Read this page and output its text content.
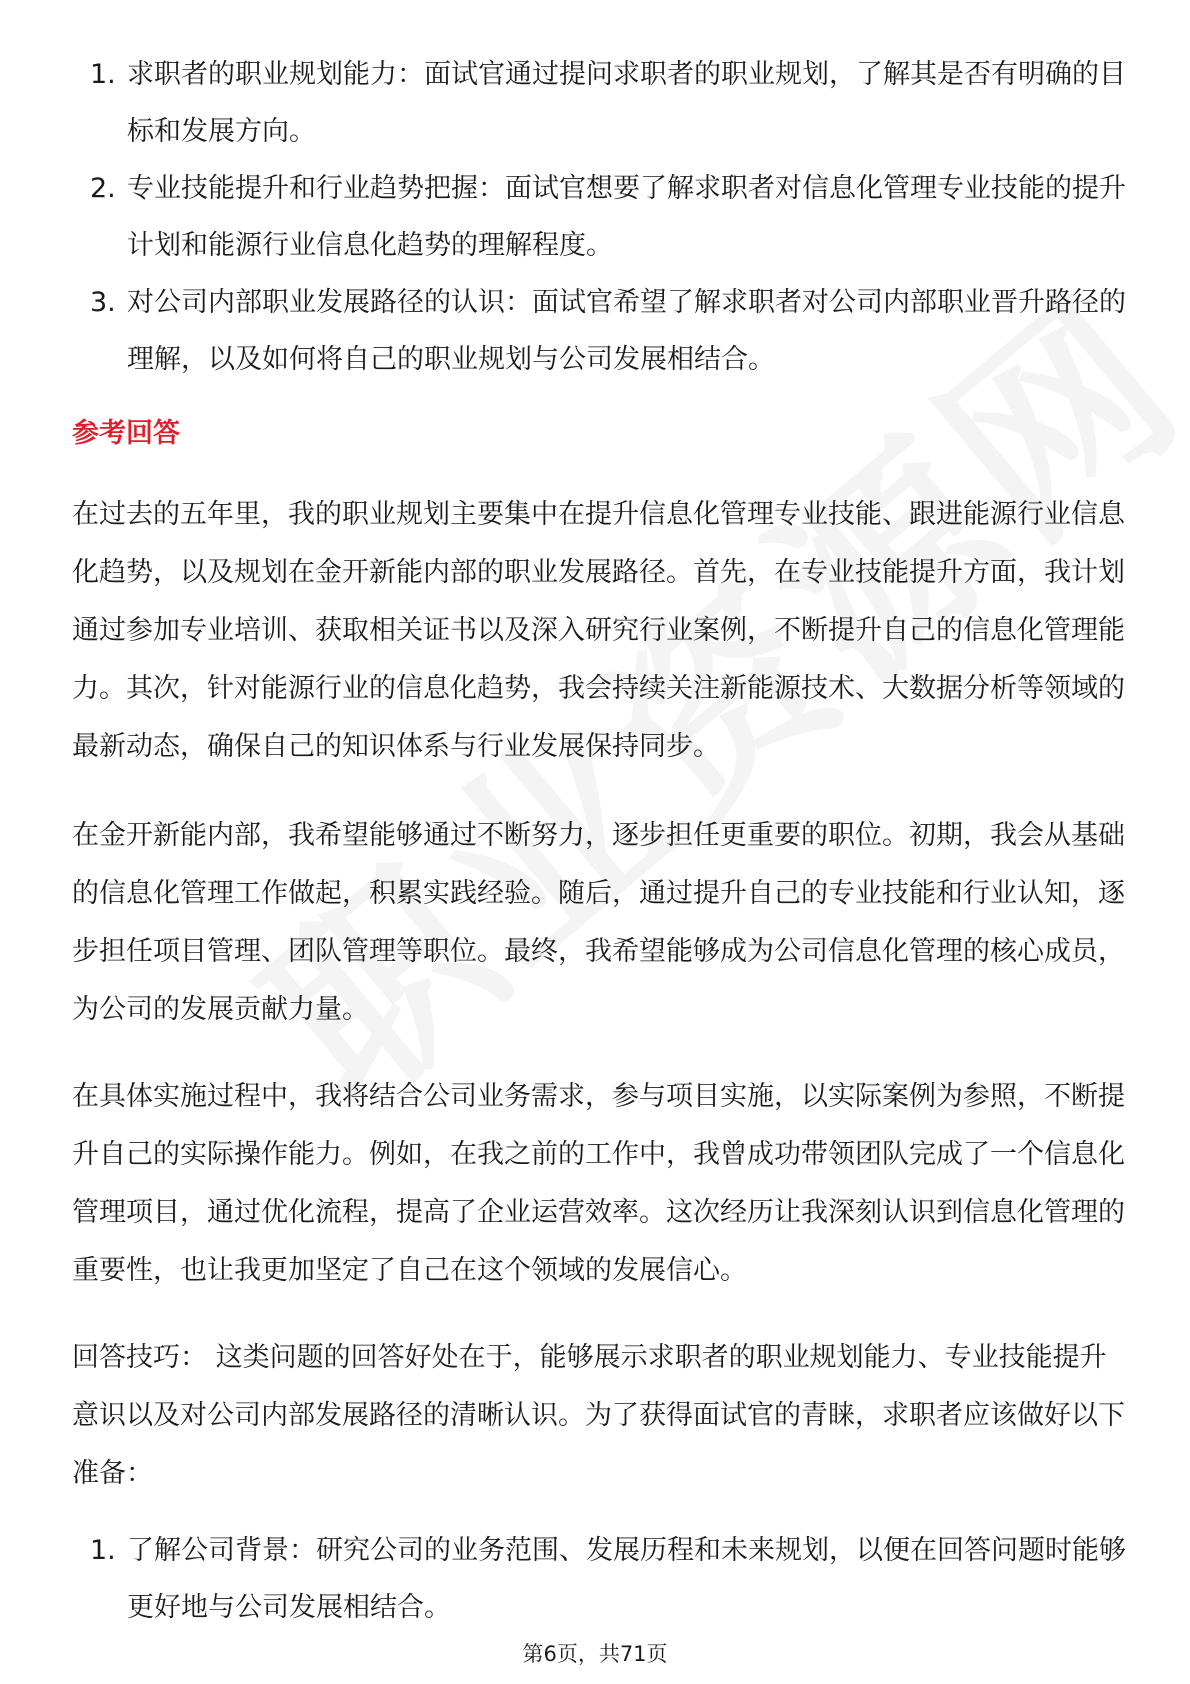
1. 求职者的职业规划能力：面试官通过提问求职者的职业规划，了解其是否有明确的目标和发展方向。
2. 专业技能提升和行业趋势把握：面试官想要了解求职者对信息化管理专业技能的提升计划和能源行业信息化趋势的理解程度。
3. 对公司内部职业发展路径的认识：面试官希望了解求职者对公司内部职业晋升路径的理解，以及如何将自己的职业规划与公司发展相结合。
参考回答

在过去的五年里，我的职业规划主要集中在提升信息化管理专业技能、跟进能源行业信息化趋势，以及规划在金开新能内部的职业发展路径。首先，在专业技能提升方面，我计划通过参加专业培训、获取相关证书以及深入研究行业案例，不断提升自己的信息化管理能力。其次，针对能源行业的信息化趋势，我会持续关注新能源技术、大数据分析等领域的最新动态，确保自己的知识体系与行业发展保持同步。

在金开新能内部，我希望能够通过不断努力，逐步担任更重要的职位。初期，我会从基础的信息化管理工作做起，积累实践经验。随后，通过提升自己的专业技能和行业认知，逐步担任项目管理、团队管理等职位。最终，我希望能够成为公司信息化管理的核心成员，为公司的发展贡献力量。

在具体实施过程中，我将结合公司业务需求，参与项目实施，以实际案例为参照，不断提升自己的实际操作能力。例如，在我之前的工作中，我曾成功带领团队完成了一个信息化管理项目，通过优化流程，提高了企业运营效率。这次经历让我深刻认识到信息化管理的重要性，也让我更加坚定了自己在这个领域的发展信心。

回答技巧： 这类问题的回答好处在于，能够展示求职者的职业规划能力、专业技能提升意识以及对公司内部发展路径的清晰认识。为了获得面试官的青睐，求职者应该做好以下准备：

1. 了解公司背景：研究公司的业务范围、发展历程和未来规划，以便在回答问题时能够更好地与公司发展相结合。
第6页，共71页
